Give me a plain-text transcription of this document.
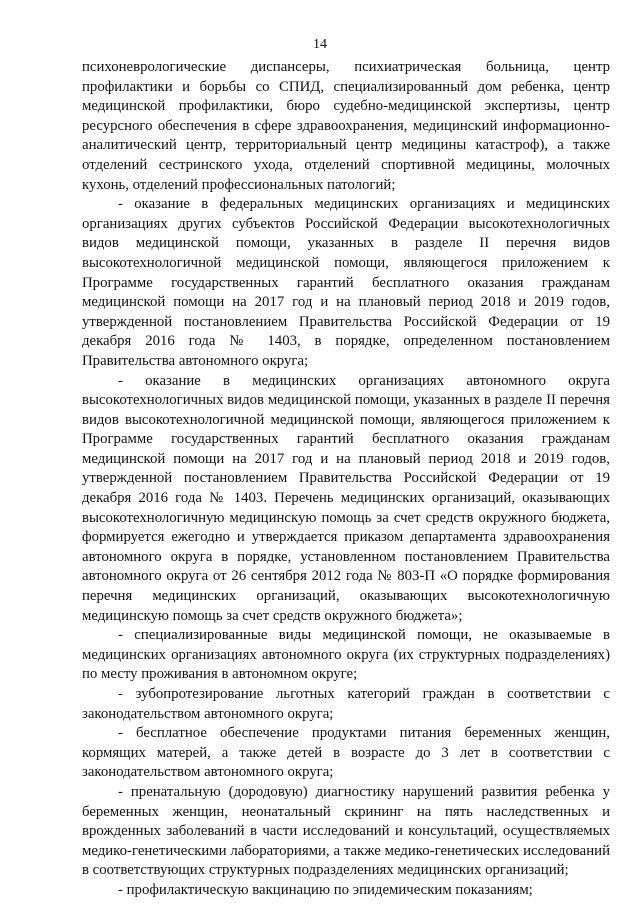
14

психоневрологические диспансеры, психиатрическая больница, центр профилактики и борьбы со СПИД, специализированный дом ребенка, центр медицинской профилактики, бюро судебно-медицинской экспертизы, центр ресурсного обеспечения в сфере здравоохранения, медицинский информационно-аналитический центр, территориальный центр медицины катастроф), а также отделений сестринского ухода, отделений спортивной медицины, молочных кухонь, отделений профессиональных патологий;

- оказание в федеральных медицинских организациях и медицинских организациях других субъектов Российской Федерации высокотехнологичных видов медицинской помощи, указанных в разделе II перечня видов высокотехнологичной медицинской помощи, являющегося приложением к Программе государственных гарантий бесплатного оказания гражданам медицинской помощи на 2017 год и на плановый период 2018 и 2019 годов, утвержденной постановлением Правительства Российской Федерации от 19 декабря 2016 года № 1403, в порядке, определенном постановлением Правительства автономного округа;

- оказание в медицинских организациях автономного округа высокотехнологичных видов медицинской помощи, указанных в разделе II перечня видов высокотехнологичной медицинской помощи, являющегося приложением к Программе государственных гарантий бесплатного оказания гражданам медицинской помощи на 2017 год и на плановый период 2018 и 2019 годов, утвержденной постановлением Правительства Российской Федерации от 19 декабря 2016 года № 1403. Перечень медицинских организаций, оказывающих высокотехнологичную медицинскую помощь за счет средств окружного бюджета, формируется ежегодно и утверждается приказом департамента здравоохранения автономного округа в порядке, установленном постановлением Правительства автономного округа от 26 сентября 2012 года № 803-П «О порядке формирования перечня медицинских организаций, оказывающих высокотехнологичную медицинскую помощь за счет средств окружного бюджета»;

- специализированные виды медицинской помощи, не оказываемые в медицинских организациях автономного округа (их структурных подразделениях) по месту проживания в автономном округе;

- зубопротезирование льготных категорий граждан в соответствии с законодательством автономного округа;

- бесплатное обеспечение продуктами питания беременных женщин, кормящих матерей, а также детей в возрасте до 3 лет в соответствии с законодательством автономного округа;

- пренатальную (дородовую) диагностику нарушений развития ребенка у беременных женщин, неонатальный скрининг на пять наследственных и врожденных заболеваний в части исследований и консультаций, осуществляемых медико-генетическими лабораториями, а также медико-генетических исследований в соответствующих структурных подразделениях медицинских организаций;

- профилактическую вакцинацию по эпидемическим показаниям;
